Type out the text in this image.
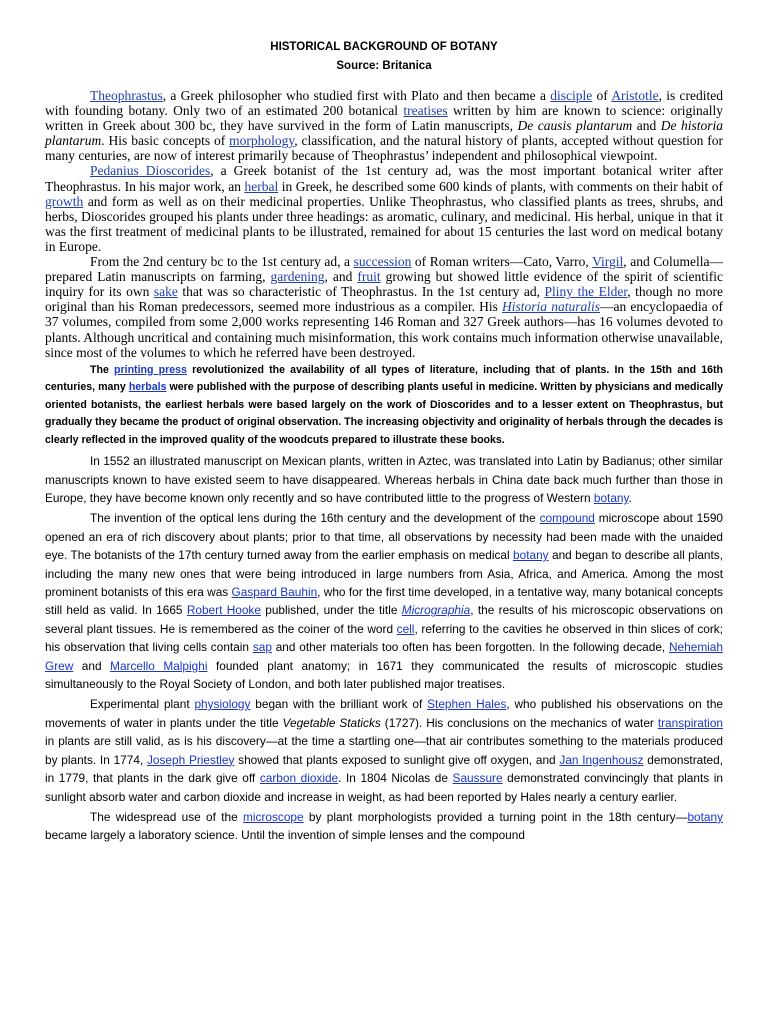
HISTORICAL BACKGROUND OF BOTANY

Source: Britanica

Theophrastus, a Greek philosopher who studied first with Plato and then became a disciple of Aristotle, is credited with founding botany. Only two of an estimated 200 botanical treatises written by him are known to science: originally written in Greek about 300 bc, they have survived in the form of Latin manuscripts, De causis plantarum and De historia plantarum. His basic concepts of morphology, classification, and the natural history of plants, accepted without question for many centuries, are now of interest primarily because of Theophrastus’ independent and philosophical viewpoint.

Pedanius Dioscorides, a Greek botanist of the 1st century ad, was the most important botanical writer after Theophrastus. In his major work, an herbal in Greek, he described some 600 kinds of plants, with comments on their habit of growth and form as well as on their medicinal properties. Unlike Theophrastus, who classified plants as trees, shrubs, and herbs, Dioscorides grouped his plants under three headings: as aromatic, culinary, and medicinal. His herbal, unique in that it was the first treatment of medicinal plants to be illustrated, remained for about 15 centuries the last word on medical botany in Europe.

From the 2nd century bc to the 1st century ad, a succession of Roman writers—Cato, Varro, Virgil, and Columella—prepared Latin manuscripts on farming, gardening, and fruit growing but showed little evidence of the spirit of scientific inquiry for its own sake that was so characteristic of Theophrastus. In the 1st century ad, Pliny the Elder, though no more original than his Roman predecessors, seemed more industrious as a compiler. His Historia naturalis—an encyclopaedia of 37 volumes, compiled from some 2,000 works representing 146 Roman and 327 Greek authors—has 16 volumes devoted to plants. Although uncritical and containing much misinformation, this work contains much information otherwise unavailable, since most of the volumes to which he referred have been destroyed.

The printing press revolutionized the availability of all types of literature, including that of plants. In the 15th and 16th centuries, many herbals were published with the purpose of describing plants useful in medicine. Written by physicians and medically oriented botanists, the earliest herbals were based largely on the work of Dioscorides and to a lesser extent on Theophrastus, but gradually they became the product of original observation. The increasing objectivity and originality of herbals through the decades is clearly reflected in the improved quality of the woodcuts prepared to illustrate these books.

In 1552 an illustrated manuscript on Mexican plants, written in Aztec, was translated into Latin by Badianus; other similar manuscripts known to have existed seem to have disappeared. Whereas herbals in China date back much further than those in Europe, they have become known only recently and so have contributed little to the progress of Western botany.

The invention of the optical lens during the 16th century and the development of the compound microscope about 1590 opened an era of rich discovery about plants; prior to that time, all observations by necessity had been made with the unaided eye. The botanists of the 17th century turned away from the earlier emphasis on medical botany and began to describe all plants, including the many new ones that were being introduced in large numbers from Asia, Africa, and America. Among the most prominent botanists of this era was Gaspard Bauhin, who for the first time developed, in a tentative way, many botanical concepts still held as valid. In 1665 Robert Hooke published, under the title Micrographia, the results of his microscopic observations on several plant tissues. He is remembered as the coiner of the word cell, referring to the cavities he observed in thin slices of cork; his observation that living cells contain sap and other materials too often has been forgotten. In the following decade, Nehemiah Grew and Marcello Malpighi founded plant anatomy; in 1671 they communicated the results of microscopic studies simultaneously to the Royal Society of London, and both later published major treatises.

Experimental plant physiology began with the brilliant work of Stephen Hales, who published his observations on the movements of water in plants under the title Vegetable Staticks (1727). His conclusions on the mechanics of water transpiration in plants are still valid, as is his discovery—at the time a startling one—that air contributes something to the materials produced by plants. In 1774, Joseph Priestley showed that plants exposed to sunlight give off oxygen, and Jan Ingenhousz demonstrated, in 1779, that plants in the dark give off carbon dioxide. In 1804 Nicolas de Saussure demonstrated convincingly that plants in sunlight absorb water and carbon dioxide and increase in weight, as had been reported by Hales nearly a century earlier.

The widespread use of the microscope by plant morphologists provided a turning point in the 18th century—botany became largely a laboratory science. Until the invention of simple lenses and the compound
